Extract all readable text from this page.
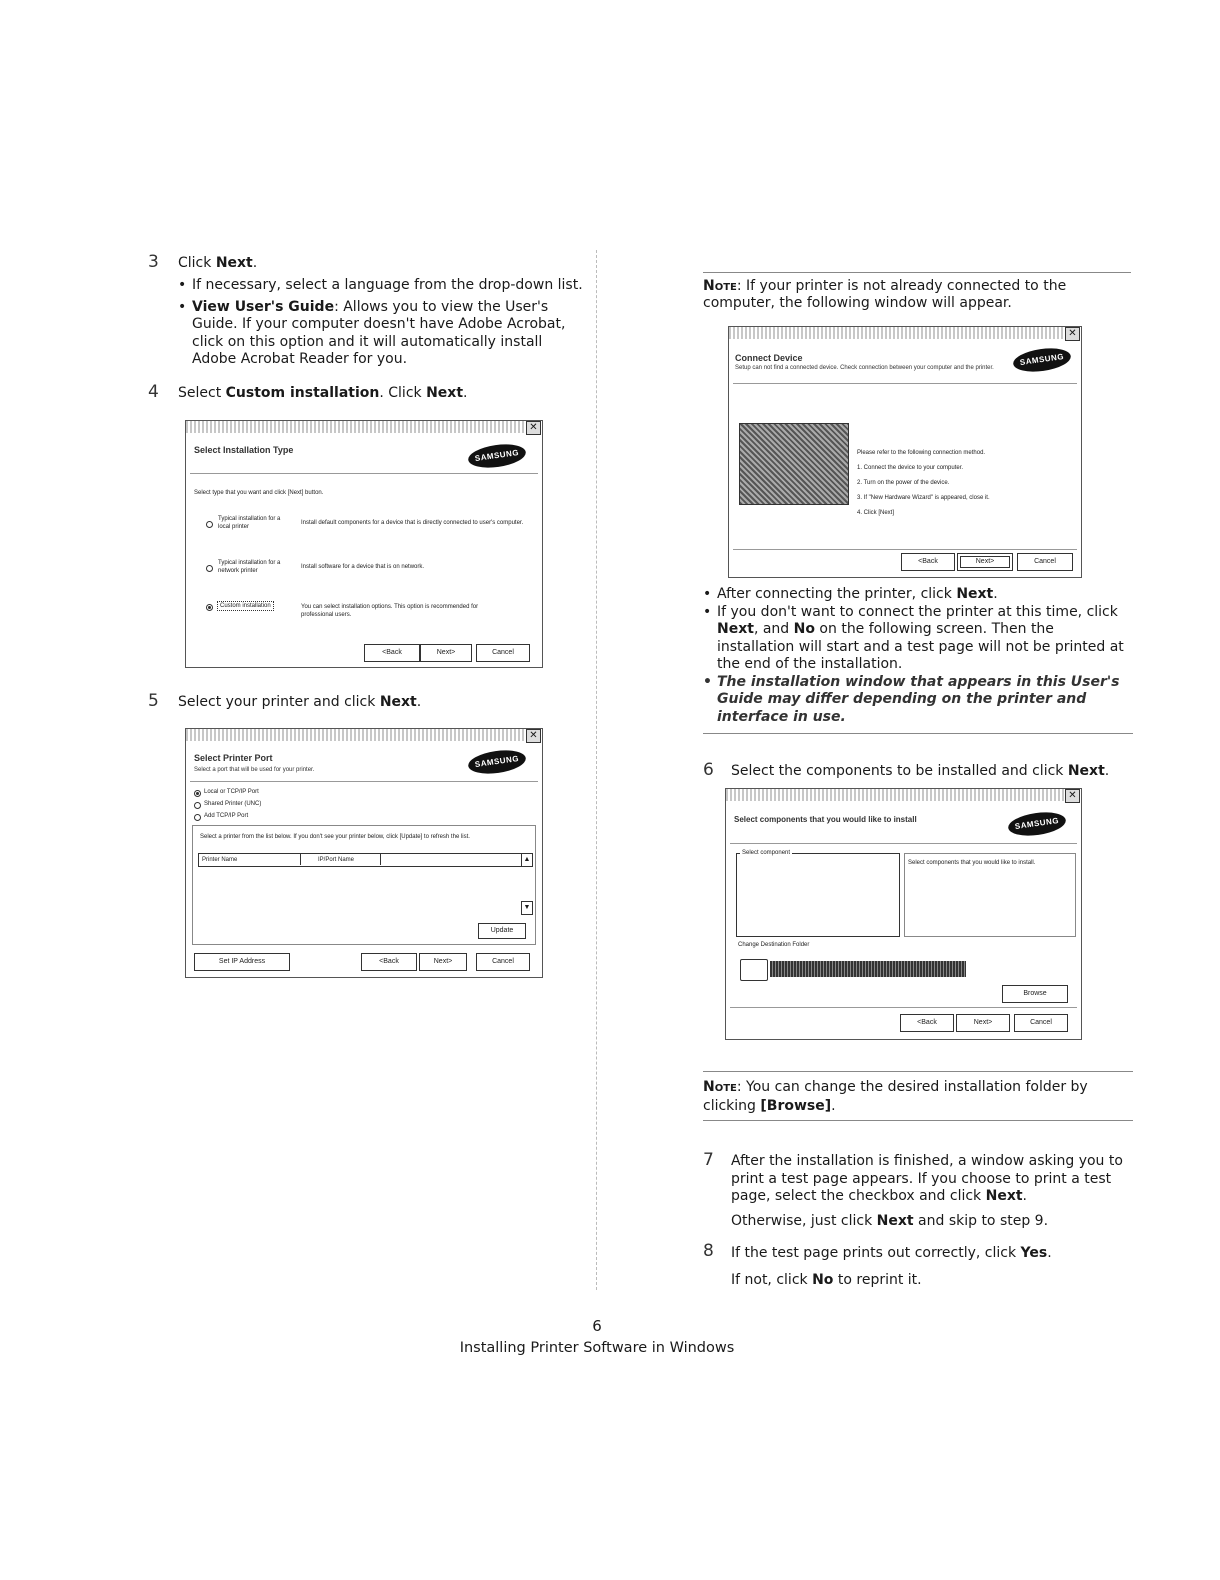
3 Click Next.
• If necessary, select a language from the drop-down list.
• View User's Guide: Allows you to view the User's Guide. If your computer doesn't have Adobe Acrobat, click on this option and it will automatically install Adobe Acrobat Reader for you.
4 Select Custom installation. Click Next.
✕
Select Installation Type	SAMSUNG
Select type that you want and click [Next] button.
Typical installation for a local printer
Install default components for a device that is directly connected to user's computer.
Typical installation for a network printer
Install software for a device that is on network.
Custom installation	You can select installation options. This option is recommended for professional users.
<Back	Next>	Cancel
5 Select your printer and click Next.
✕
Select Printer Port
Select a port that will be used for your printer.
SAMSUNG
Local or TCP/IP Port
Shared Printer (UNC)
Add TCP/IP Port
Select a printer from the list below. If you don't see your printer below, click [Update] to refresh the list.
Printer Name	IP/Port Name	▲
▼
Update
Set IP Address	<Back	Next>	Cancel
Note: If your printer is not already connected to the computer, the following window will appear.
✕
Connect Device
Setup can not find a connected device. Check connection between your computer and the printer.
SAMSUNG
Please refer to the following connection method.
1. Connect the device to your computer.
2. Turn on the power of the device.
3. If "New Hardware Wizard" is appeared, close it.
4. Click [Next]
<Back	Next>	Cancel
• After connecting the printer, click Next.
• If you don't want to connect the printer at this time, click Next, and No on the following screen. Then the installation will start and a test page will not be printed at the end of the installation.
• The installation window that appears in this User's Guide may differ depending on the printer and interface in use.
6 Select the components to be installed and click Next.
✕
Select components that you would like to install	SAMSUNG
Select component
Select components that you would like to install.
Change Destination Folder
Browse
<Back	Next>	Cancel
Note: You can change the desired installation folder by clicking [Browse].
7 After the installation is finished, a window asking you to print a test page appears. If you choose to print a test page, select the checkbox and click Next.
Otherwise, just click Next and skip to step 9.
8 If the test page prints out correctly, click Yes.
If not, click No to reprint it.
6
Installing Printer Software in Windows
